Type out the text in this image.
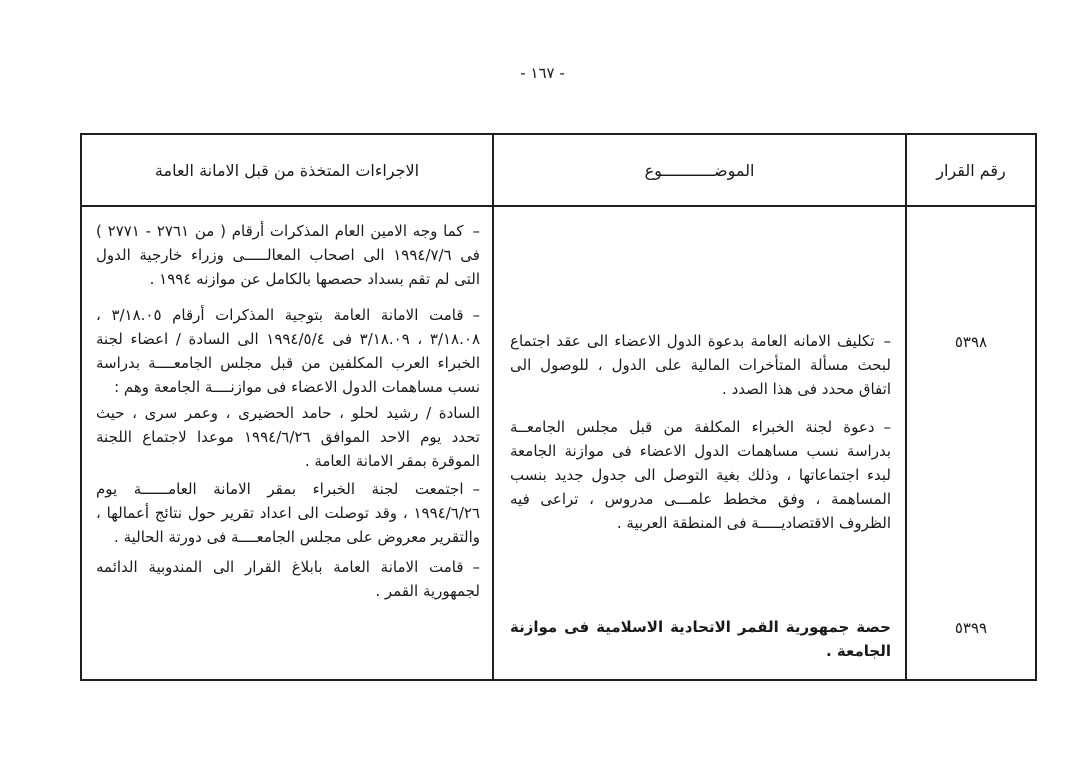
- ١٦٧ -
رقم القرار
الموضـــــــــــوع
الاجراءات المتخذة من قبل الامانة العامة
٥٣٩٨
٥٣٩٩
–تكليف الامانه العامة بدعوة الدول الاعضاء الى عقد اجتماع لبحث مسألة المتأخرات المالية على الدول ، للوصول الى اتفاق محدد فى هذا الصدد .
–دعوة لجنة الخبراء المكلفة من قبل مجلس الجامعــة بدراسة نسب مساهمات الدول الاعضاء فى موازنة الجامعة لبدء اجتماعاتها ، وذلك بغية التوصل الى جدول جديد بنسب المساهمة ، وفق مخطط علمـــى مدروس ، تراعى فيه الظروف الاقتصاديـــــة فى المنطقة العربية .
حصة جمهورية القمر الاتحادية الاسلامية فى موازنة الجامعة .
–كما وجه الامين العام المذكرات أرقام ( من ٢٧٦١ - ٢٧٧١ ) فى ١٩٩٤/٧/٦ الى اصحاب المعالـــــى وزراء خارجية الدول التى لم تقم بسداد حصصها بالكامل عن موازنه ١٩٩٤ .
–قامت الامانة العامة بتوجية المذكرات أرقام ٣/١٨.٠٥ ، ٣/١٨.٠٨ ، ٣/١٨.٠٩ فى ١٩٩٤/٥/٤ الى السادة / اعضاء لجنة الخبراء العرب المكلفين من قبل مجلس الجامعــــة بدراسة نسب مساهمات الدول الاعضاء فى موازنــــة الجامعة وهم :
السادة / رشيد لحلو ، حامد الحضيرى ، وعمر سرى ، حيث تحدد يوم الاحد الموافق ١٩٩٤/٦/٢٦ موعدا لاجتماع اللجنة الموقرة بمقر الامانة العامة .
–اجتمعت لجنة الخبراء بمقر الامانة العامــــــة يوم ١٩٩٤/٦/٢٦ ، وقد توصلت الى اعداد تقرير حول نتائج أعمالها ، والتقرير معروض على مجلس الجامعــــة فى دورتة الحالية .
–قامت الامانة العامة بابلاغ القرار الى المندوبية الدائمه لجمهورية القمر .
